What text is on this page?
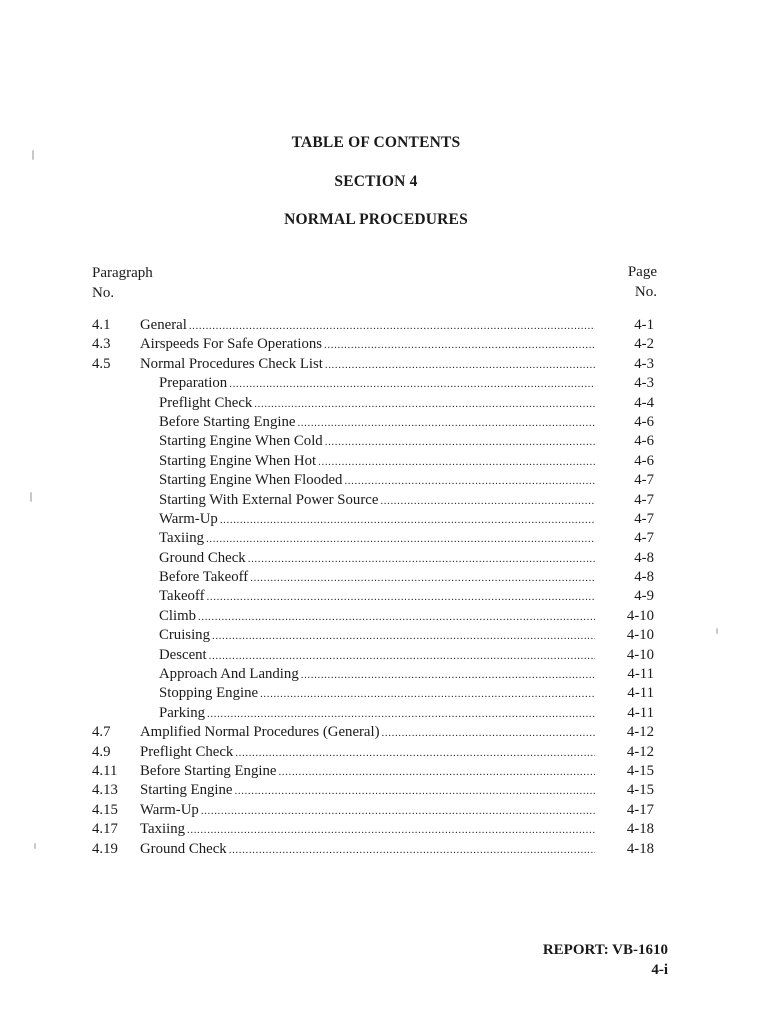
TABLE OF CONTENTS
SECTION 4
NORMAL PROCEDURES
Paragraph
No.
Page
No.
4.1 General .....	4-1
4.3 Airspeeds For Safe Operations .....	4-2
4.5 Normal Procedures Check List .....	4-3
Preparation .....	4-3
Preflight Check .....	4-4
Before Starting Engine .....	4-6
Starting Engine When Cold .....	4-6
Starting Engine When Hot .....	4-6
Starting Engine When Flooded .....	4-7
Starting With External Power Source .....	4-7
Warm-Up .....	4-7
Taxiing .....	4-7
Ground Check .....	4-8
Before Takeoff .....	4-8
Takeoff .....	4-9
Climb .....	4-10
Cruising .....	4-10
Descent .....	4-10
Approach And Landing .....	4-11
Stopping Engine .....	4-11
Parking .....	4-11
4.7 Amplified Normal Procedures (General) .....	4-12
4.9 Preflight Check .....	4-12
4.11 Before Starting Engine .....	4-15
4.13 Starting Engine .....	4-15
4.15 Warm-Up .....	4-17
4.17 Taxiing .....	4-18
4.19 Ground Check .....	4-18
REPORT: VB-1610
4-i
